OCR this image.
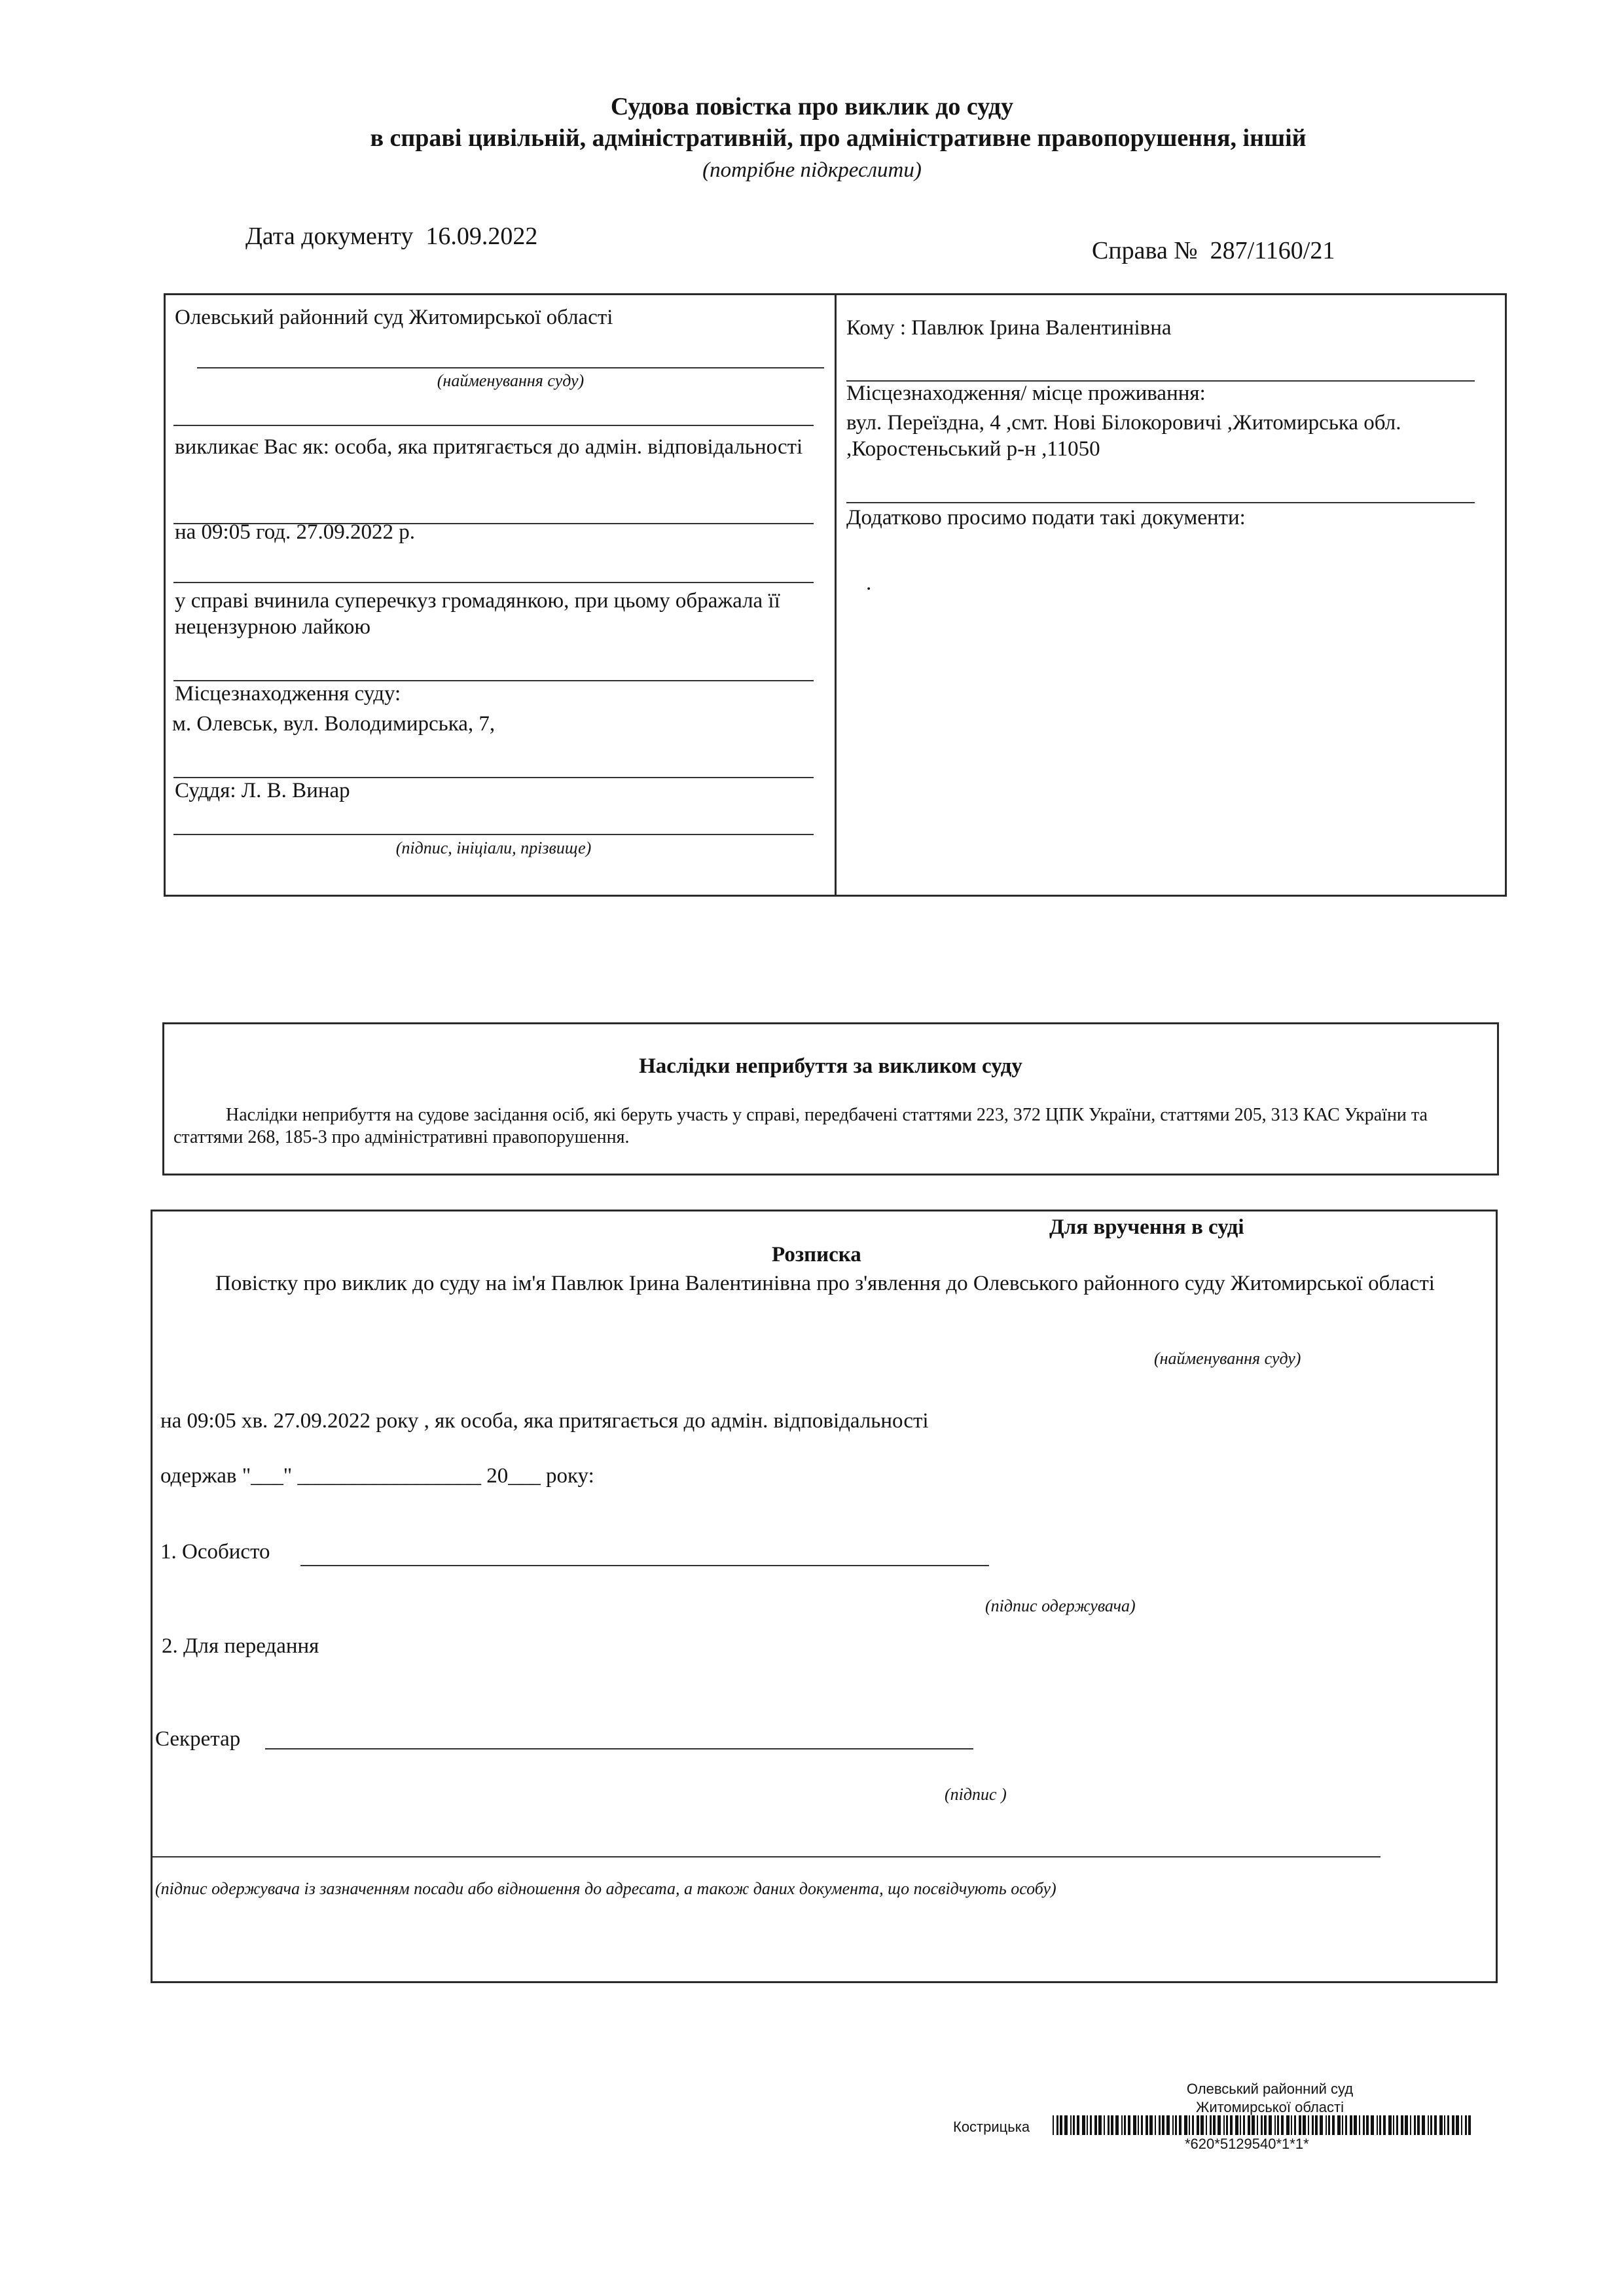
Судова повістка про виклик до суду
в справі цивільній, адміністративній, про адміністративне правопорушення, іншій
(потрібне підкреслити)
Дата документу 16.09.2022
Справа № 287/1160/21
Олевський районний суд Житомирської області
(найменування суду)
викликає Вас як: особа, яка притягається до адмін. відповідальності
на 09:05 год. 27.09.2022 р.
у справі вчинила суперечкуз громадянкою, при цьому ображала її нецензурною лайкою
Місцезнаходження суду:
м. Олевськ, вул. Володимирська, 7,
Суддя: Л. В. Винар
(підпис, ініціали, прізвище)
Кому : Павлюк Ірина Валентинівна
Місцезнаходження/ місце проживання:
вул. Переїздна, 4 ,смт. Нові Білокоровичі ,Житомирська обл. ,Коростеньський р-н ,11050
Додатково просимо подати такі документи:
.
Наслідки неприбуття за викликом суду
Наслідки неприбуття на судове засідання осіб, які беруть участь у справі, передбачені статтями 223, 372 ЦПК України, статтями 205, 313 КАС України та статтями 268, 185-3 про адміністративні правопорушення.
Для вручення в суді
Розписка
Повістку про виклик до суду на ім'я Павлюк Ірина Валентинівна про з'явлення до Олевського районного суду Житомирської області
(найменування суду)
на 09:05 хв. 27.09.2022 року , як особа, яка притягається до адмін. відповідальності
одержав "___" _________________ 20___ року:
1. Особисто
(підпис одержувача)
2. Для передання
Секретар
(підпис )
(підпис одержувача із зазначенням посади або відношення до адресата, а також даних документа, що посвідчують особу)
Олевський районний суд
Житомирської області
Кострицька
*620*5129540*1*1*
